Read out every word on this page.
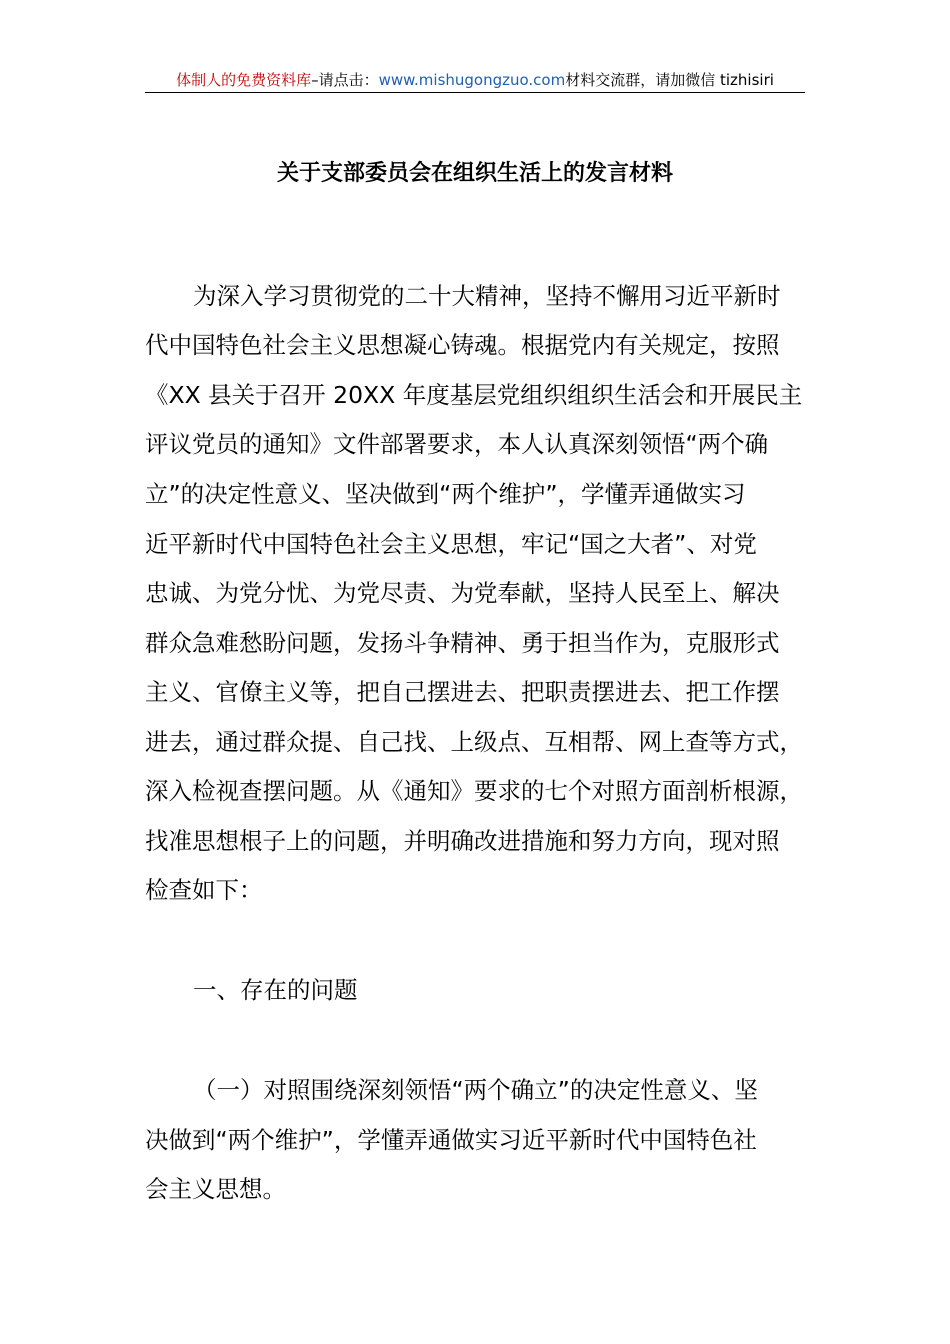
体制人的免费资料库–请点击：www.mishugongzuo.com材料交流群，请加微信 tizhisiri
关于支部委员会在组织生活上的发言材料
为深入学习贯彻党的二十大精神，坚持不懈用习近平新时
代中国特色社会主义思想凝心铸魂。根据党内有关规定，按照
《XX 县关于召开 20XX 年度基层党组织组织生活会和开展民主
评议党员的通知》文件部署要求，本人认真深刻领悟“两个确
立”的决定性意义、坚决做到“两个维护”，学懂弄通做实习
近平新时代中国特色社会主义思想，牢记“国之大者”、对党
忠诚、为党分忧、为党尽责、为党奉献，坚持人民至上、解决
群众急难愁盼问题，发扬斗争精神、勇于担当作为，克服形式
主义、官僚主义等，把自己摆进去、把职责摆进去、把工作摆
进去，通过群众提、自己找、上级点、互相帮、网上查等方式，
深入检视查摆问题。从《通知》要求的七个对照方面剖析根源，
找准思想根子上的问题，并明确改进措施和努力方向，现对照
检查如下：
一、存在的问题
（一）对照围绕深刻领悟“两个确立”的决定性意义、坚
决做到“两个维护”，学懂弄通做实习近平新时代中国特色社
会主义思想。
